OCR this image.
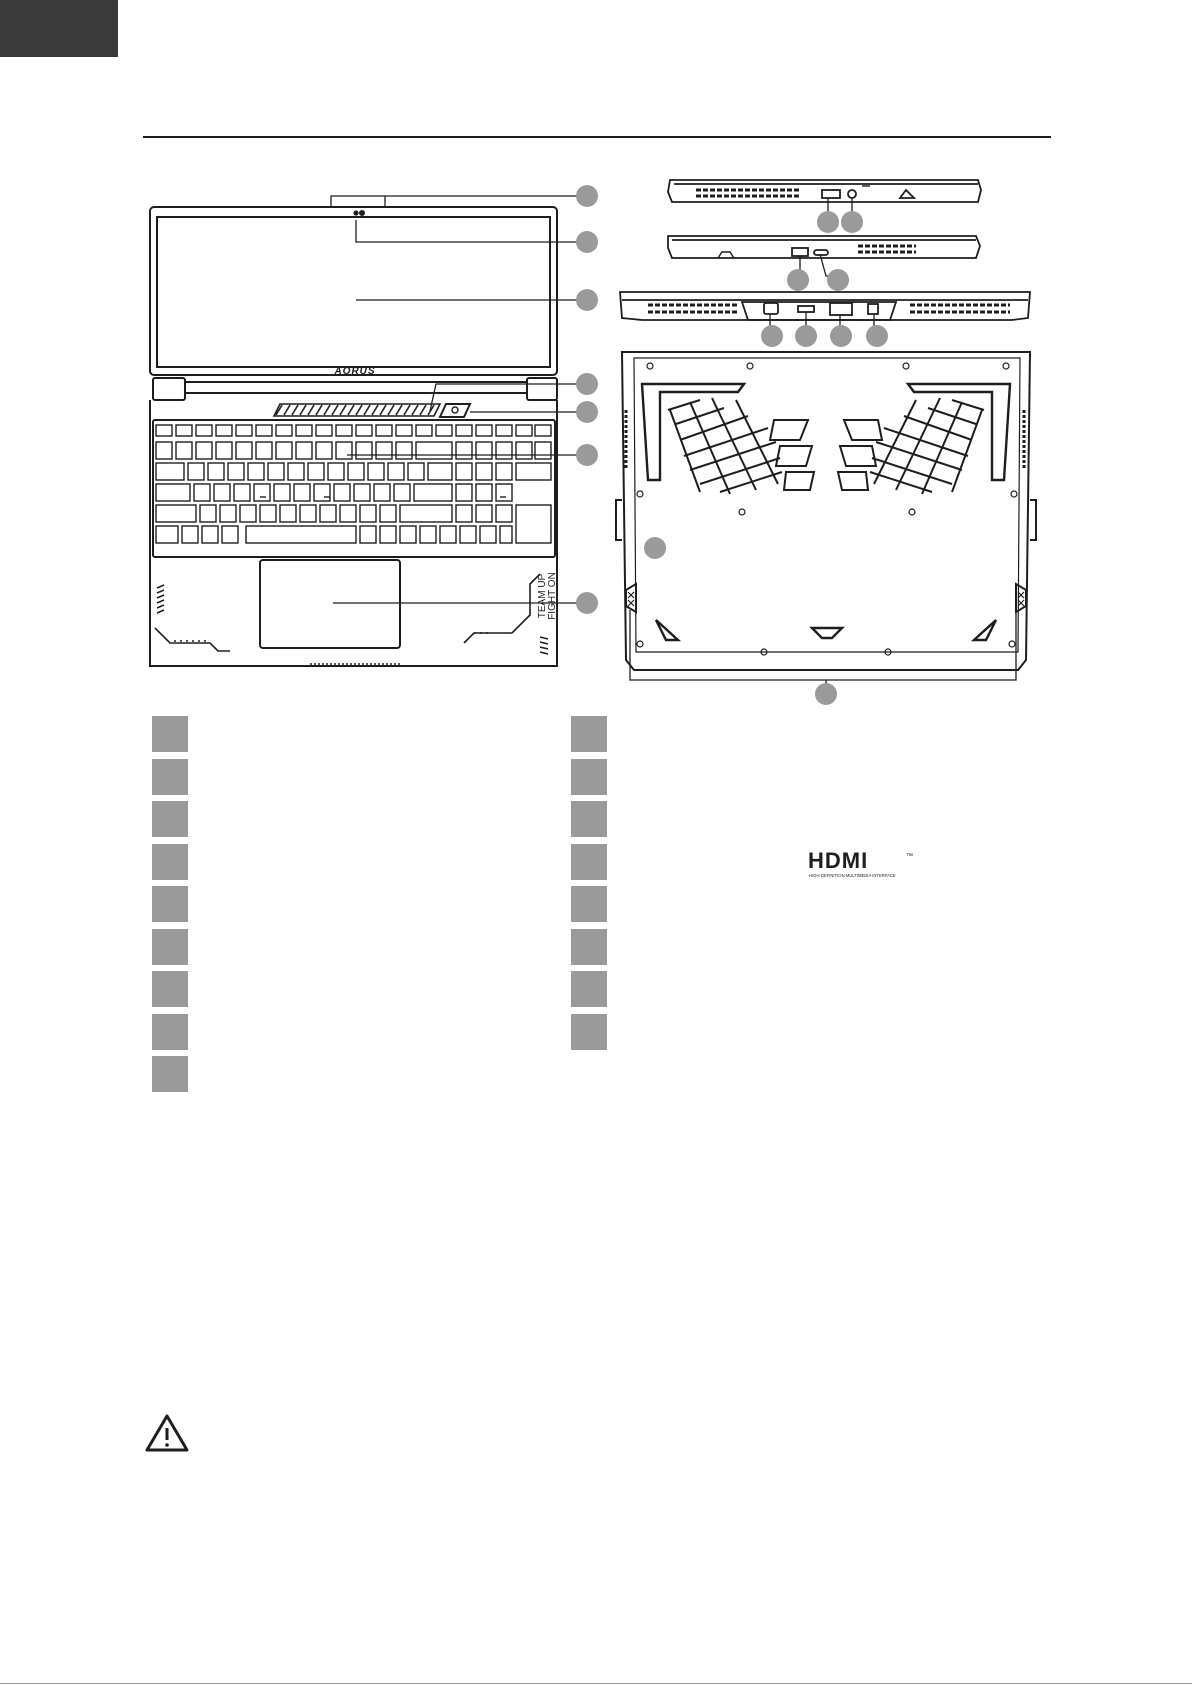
AORUS
TEAM UP FIGHT ON
HDMI	™
HIGH-DEFINITION MULTIMEDIA INTERFACE
